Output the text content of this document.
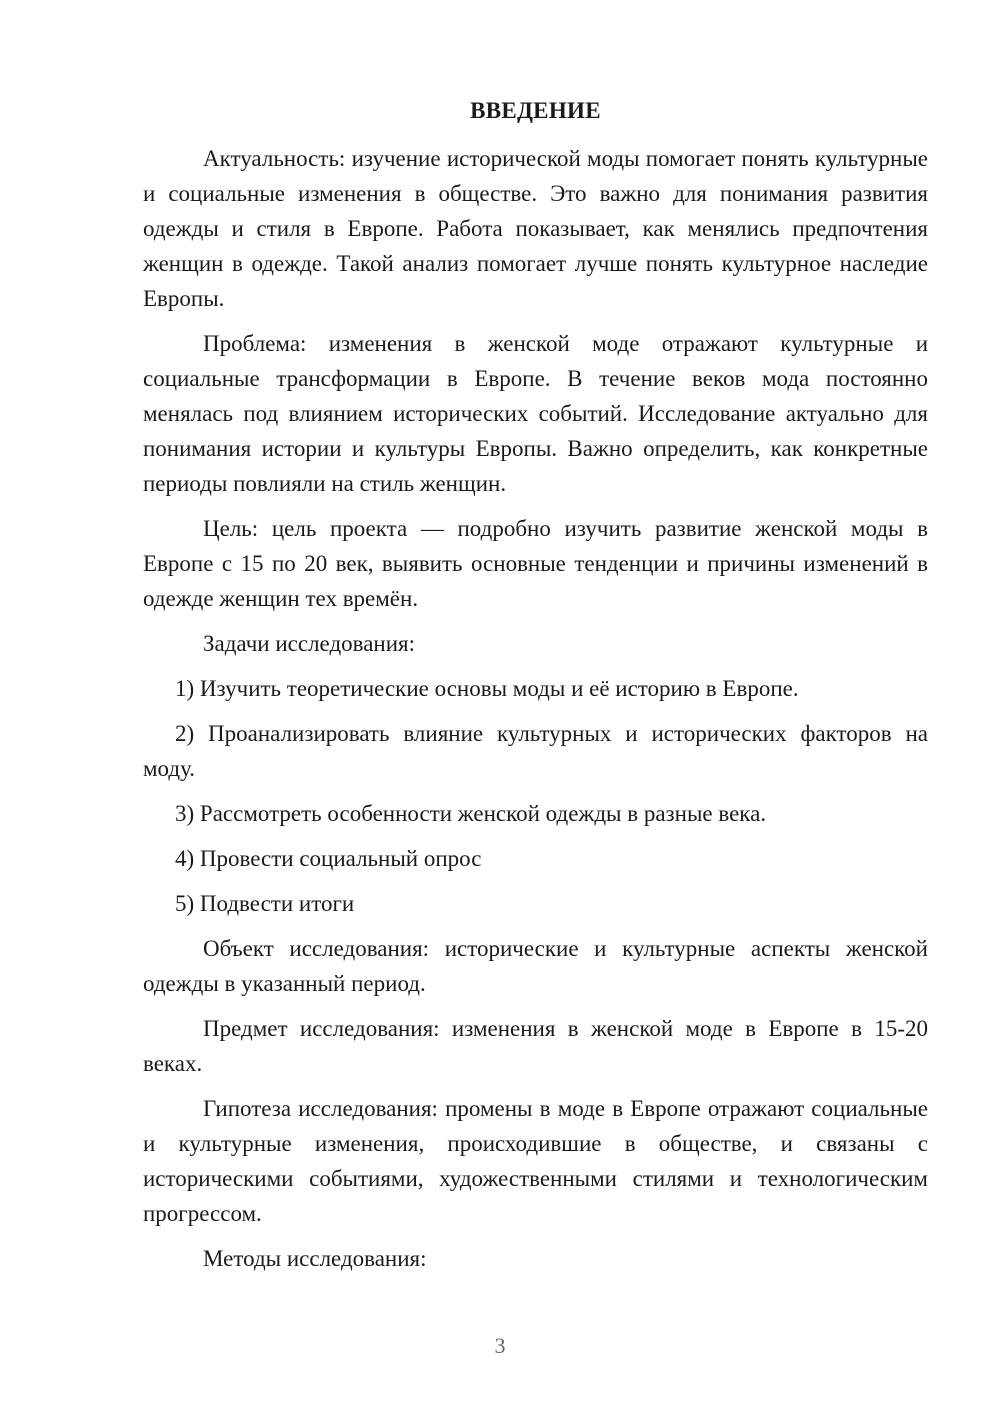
ВВЕДЕНИЕ

Актуальность: изучение исторической моды помогает понять культурные и социальные изменения в обществе. Это важно для понимания развития одежды и стиля в Европе. Работа показывает, как менялись предпочтения женщин в одежде. Такой анализ помогает лучше понять культурное наследие Европы.

Проблема: изменения в женской моде отражают культурные и социальные трансформации в Европе. В течение веков мода постоянно менялась под влиянием исторических событий. Исследование актуально для понимания истории и культуры Европы. Важно определить, как конкретные периоды повлияли на стиль женщин.

Цель: цель проекта — подробно изучить развитие женской моды в Европе с 15 по 20 век, выявить основные тенденции и причины изменений в одежде женщин тех времён.

Задачи исследования:

1) Изучить теоретические основы моды и её историю в Европе.

2) Проанализировать влияние культурных и исторических факторов на моду.

3) Рассмотреть особенности женской одежды в разные века.

4) Провести социальный опрос

5) Подвести итоги

Объект исследования: исторические и культурные аспекты женской одежды в указанный период.

Предмет исследования: изменения в женской моде в Европе в 15-20 веках.

Гипотеза исследования: промены в моде в Европе отражают социальные и культурные изменения, происходившие в обществе, и связаны с историческими событиями, художественными стилями и технологическим прогрессом.

Методы исследования:

3
